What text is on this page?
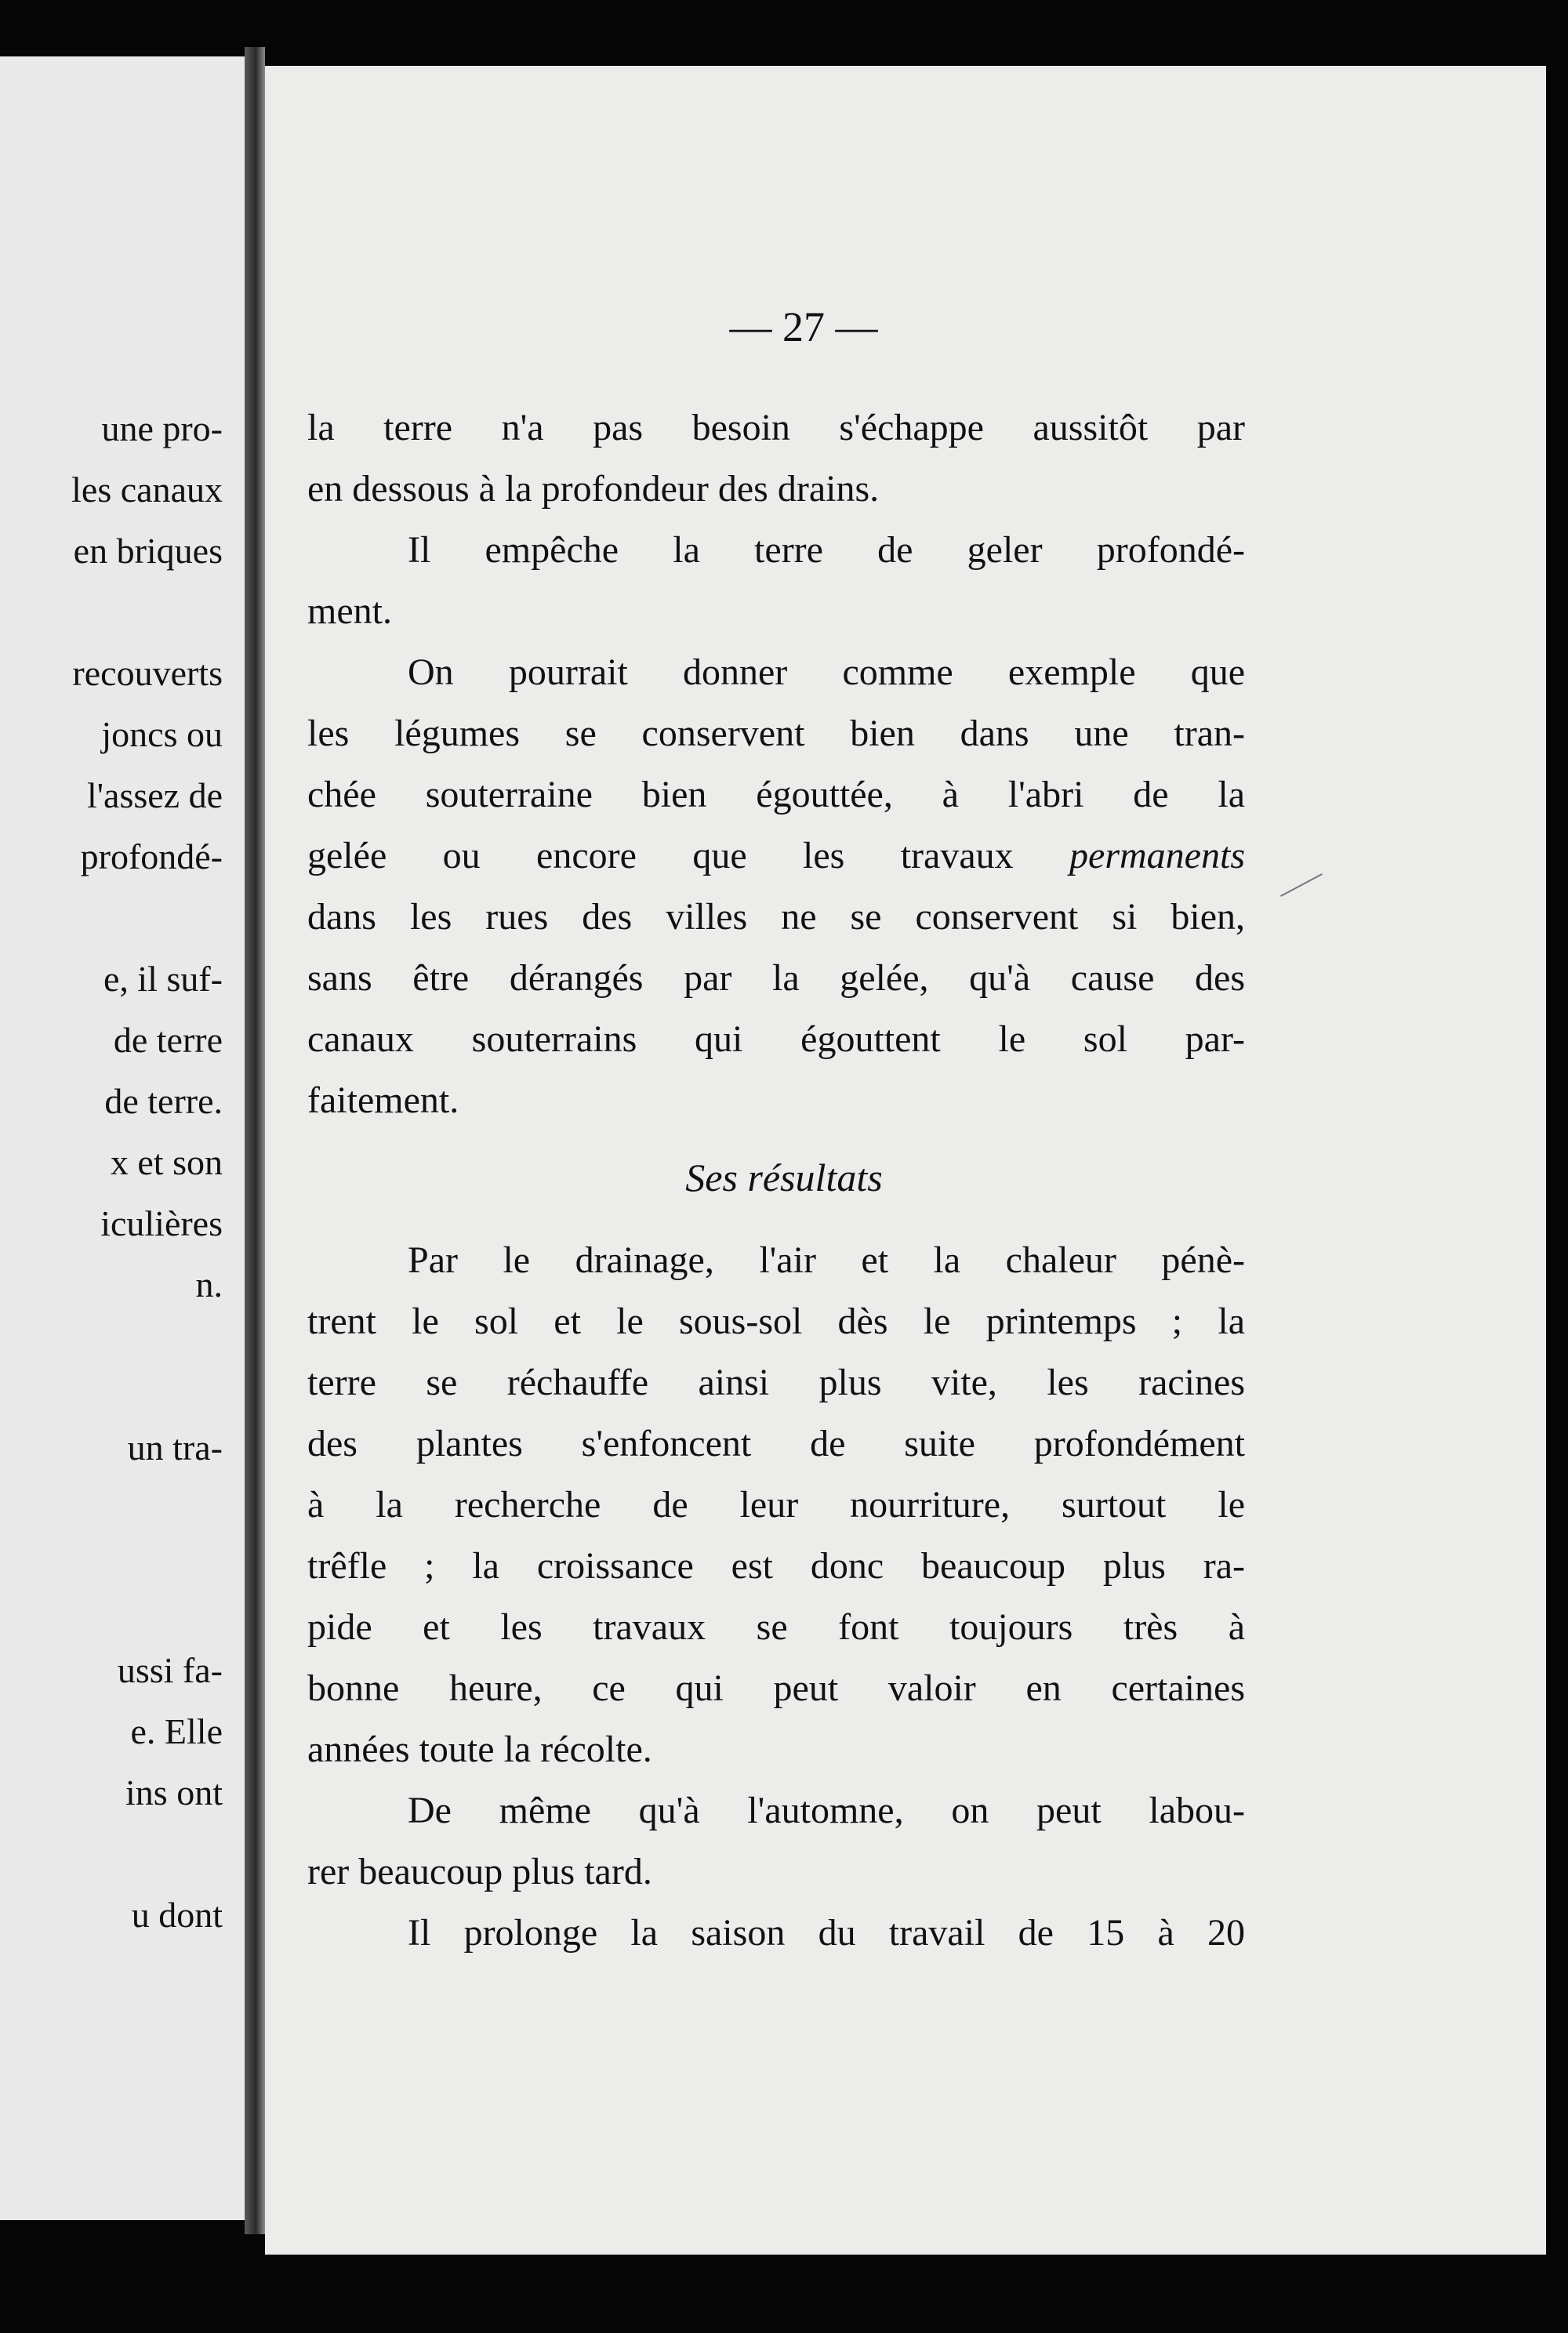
une pro-
les canaux
en briques
recouverts
joncs ou
l'assez de
profondé-
e, il suf-
de terre
de terre.
x et son
iculières
n.
un tra-
ussi fa-
e. Elle
ins ont
u dont
— 27 —
la terre n'a pas besoin s'échappe aussitôt par
en dessous à la profondeur des drains.
Il empêche la terre de geler profondé-
ment.
On pourrait donner comme exemple que
les légumes se conservent bien dans une tran-
chée souterraine bien égouttée, à l'abri de la
gelée ou encore que les travaux permanents
dans les rues des villes ne se conservent si bien,
sans être dérangés par la gelée, qu'à cause des
canaux souterrains qui égouttent le sol par-
faitement.
Ses résultats
Par le drainage, l'air et la chaleur pénè-
trent le sol et le sous-sol dès le printemps ; la
terre se réchauffe ainsi plus vite, les racines
des plantes s'enfoncent de suite profondément
à la recherche de leur nourriture, surtout le
trêfle ; la croissance est donc beaucoup plus ra-
pide et les travaux se font toujours très à
bonne heure, ce qui peut valoir en certaines
années toute la récolte.
De même qu'à l'automne, on peut labou-
rer beaucoup plus tard.
Il prolonge la saison du travail de 15 à 20
